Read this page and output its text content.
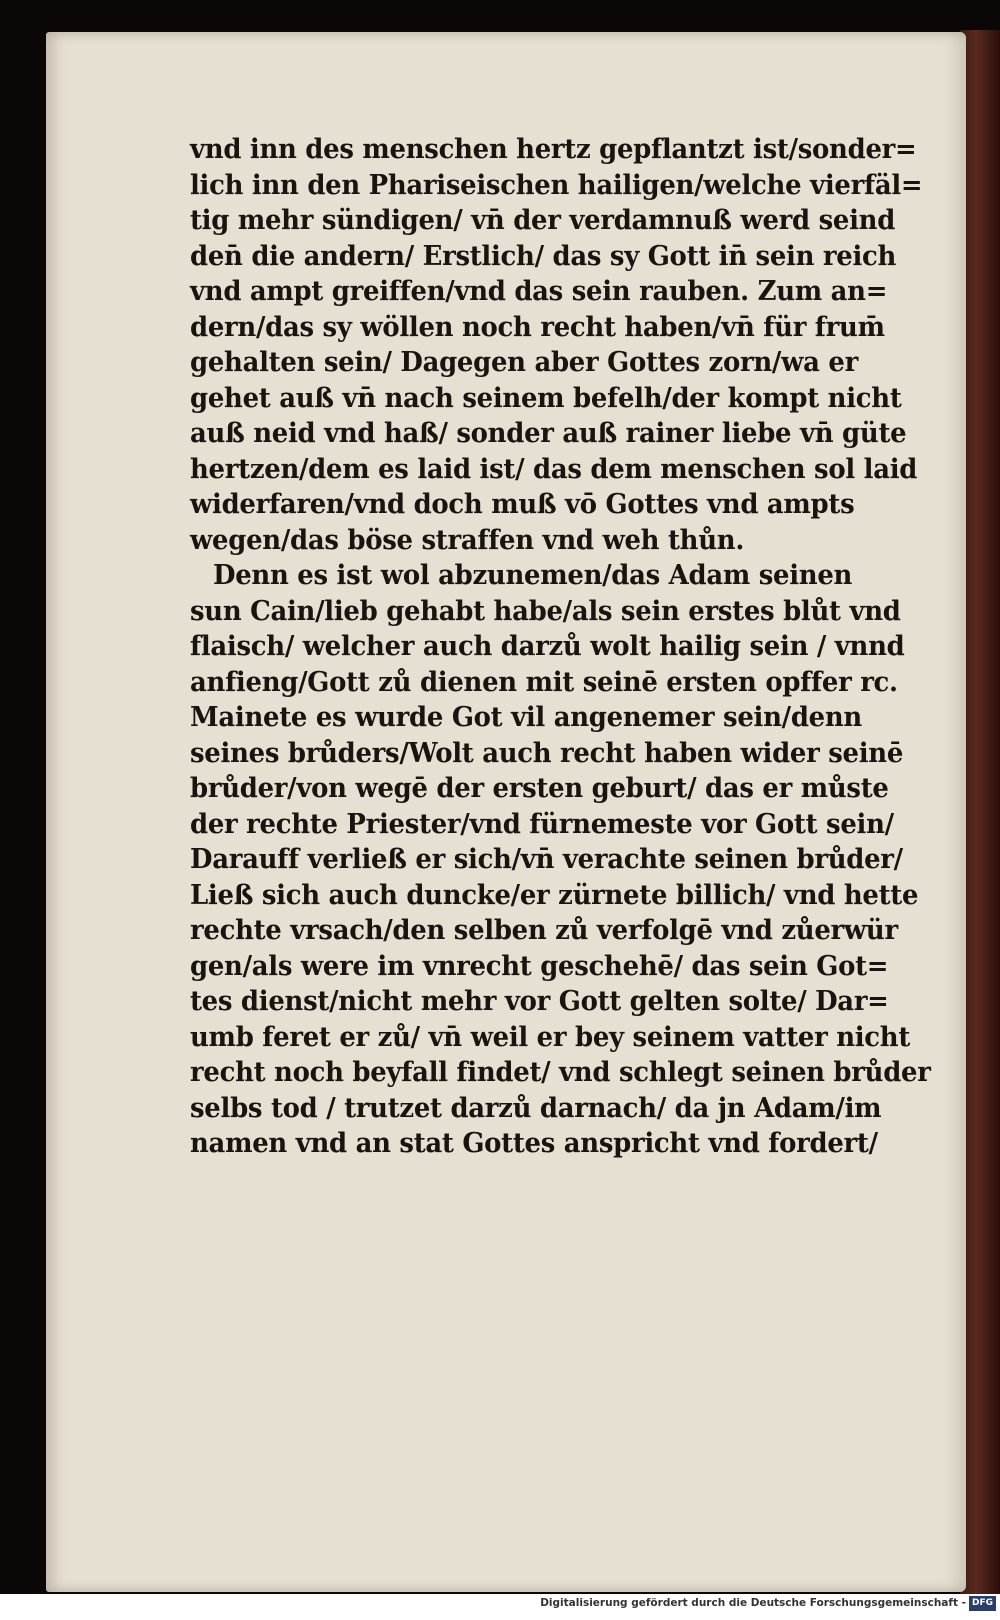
vnd inn des menschen hertz gepflantzt ist/sonder=
lich inn den Phariseischen hailigen/welche vierfäl=
tig mehr sündigen/ vn̄ der verdamnuß werd seind
den̄ die andern/ Erstlich/ das sy Gott in̄ sein reich
vnd ampt greiffen/vnd das sein rauben. Zum an=
dern/das sy wöllen noch recht haben/vn̄ für frum̄
gehalten sein/ Dagegen aber Gottes zorn/wa er
gehet auß vn̄ nach seinem befelh/der kompt nicht
auß neid vnd haß/ sonder auß rainer liebe vn̄ güte
hertzen/dem es laid ist/ das dem menschen sol laid
widerfaren/vnd doch muß vō Gottes vnd ampts
wegen/das böse straffen vnd weh thůn.
Denn es ist wol abzunemen/das Adam seinen
sun Cain/lieb gehabt habe/als sein erstes blůt vnd
flaisch/ welcher auch darzů wolt hailig sein / vnnd
anfieng/Gott zů dienen mit seinē ersten opffer rc.
Mainete es wurde Got vil angenemer sein/denn
seines brůders/Wolt auch recht haben wider seinē
brůder/von wegē der ersten geburt/ das er můste
der rechte Priester/vnd fürnemeste vor Gott sein/
Darauff verließ er sich/vn̄ verachte seinen brůder/
Ließ sich auch duncke/er zürnete billich/ vnd hette
rechte vrsach/den selben zů verfolgē vnd zůerwür
gen/als were im vnrecht geschehē/ das sein Got=
tes dienst/nicht mehr vor Gott gelten solte/ Dar=
umb feret er zů/ vn̄ weil er bey seinem vatter nicht
recht noch beyfall findet/ vnd schlegt seinen brůder
selbs tod / trutzet darzů darnach/ da jn Adam/im
namen vnd an stat Gottes anspricht vnd fordert/
Digitalisierung gefördert durch die Deutsche Forschungsgemeinschaft - DFG
